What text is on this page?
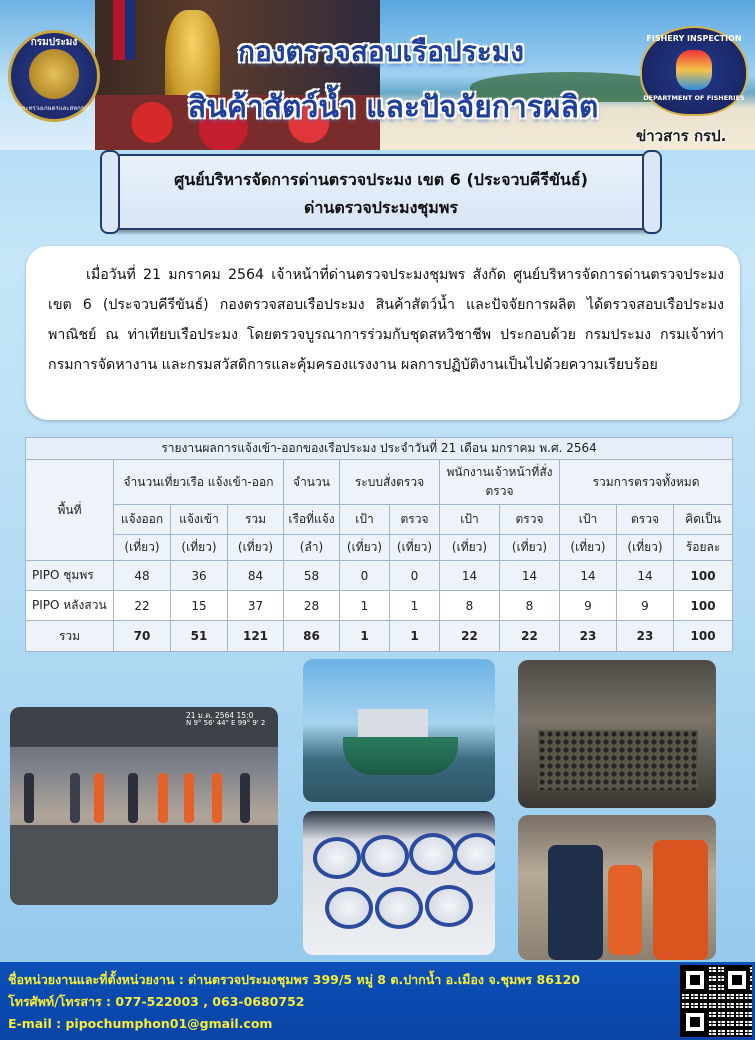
กรมประมง
กระทรวงเกษตรและสหกรณ์
กองตรวจสอบเรือประมง
สินค้าสัตว์น้ำ และปัจจัยการผลิต
FISHERY INSPECTION
DEPARTMENT OF FISHERIES
ข่าวสาร กรป.
ศูนย์บริหารจัดการด่านตรวจประมง เขต 6 (ประจวบคีรีขันธ์)
ด่านตรวจประมงชุมพร

เมื่อวันที่ 21 มกราคม 2564 เจ้าหน้าที่ด่านตรวจประมงชุมพร สังกัด ศูนย์บริหารจัดการด่านตรวจประมงเขต 6 (ประจวบคีรีขันธ์) กองตรวจสอบเรือประมง สินค้าสัตว์น้ำ และปัจจัยการผลิต ได้ตรวจสอบเรือประมงพาณิชย์ ณ ท่าเทียบเรือประมง โดยตรวจบูรณาการร่วมกับชุดสหวิชาชีพ ประกอบด้วย กรมประมง กรมเจ้าท่า กรมการจัดหางาน และกรมสวัสดิการและคุ้มครองแรงงาน ผลการปฏิบัติงานเป็นไปด้วยความเรียบร้อย

รายงานผลการแจ้งเข้า-ออกของเรือประมง ประจำวันที่ 21 เดือน มกราคม พ.ศ. 2564											
พื้นที่	จำนวนเที่ยวเรือ แจ้งเข้า-ออก			จำนวน	ระบบสั่งตรวจ		พนักงานเจ้าหน้าที่สั่งตรวจ		รวมการตรวจทั้งหมด		
	แจ้งออก	แจ้งเข้า	รวม	เรือที่แจ้ง	เป้า	ตรวจ	เป้า	ตรวจ	เป้า	ตรวจ	คิดเป็น
	(เที่ยว)	(เที่ยว)	(เที่ยว)	(ลำ)	(เที่ยว)	(เที่ยว)	(เที่ยว)	(เที่ยว)	(เที่ยว)	(เที่ยว)	ร้อยละ
PIPO ชุมพร	48	36	84	58	0	0	14	14	14	14	100
PIPO หลังสวน	22	15	37	28	1	1	8	8	9	9	100
รวม	70	51	121	86	1	1	22	22	23	23	100
21 ม.ค. 2564 15:0
N 9° 56' 44" E 99° 9' 2
ชื่อหน่วยงานและที่ตั้งหน่วยงาน : ด่านตรวจประมงชุมพร 399/5 หมู่ 8 ต.ปากน้ำ อ.เมือง จ.ชุมพร 86120
โทรศัพท์/โทรสาร : 077-522003 , 063-0680752
E-mail : pipochumphon01@gmail.com
